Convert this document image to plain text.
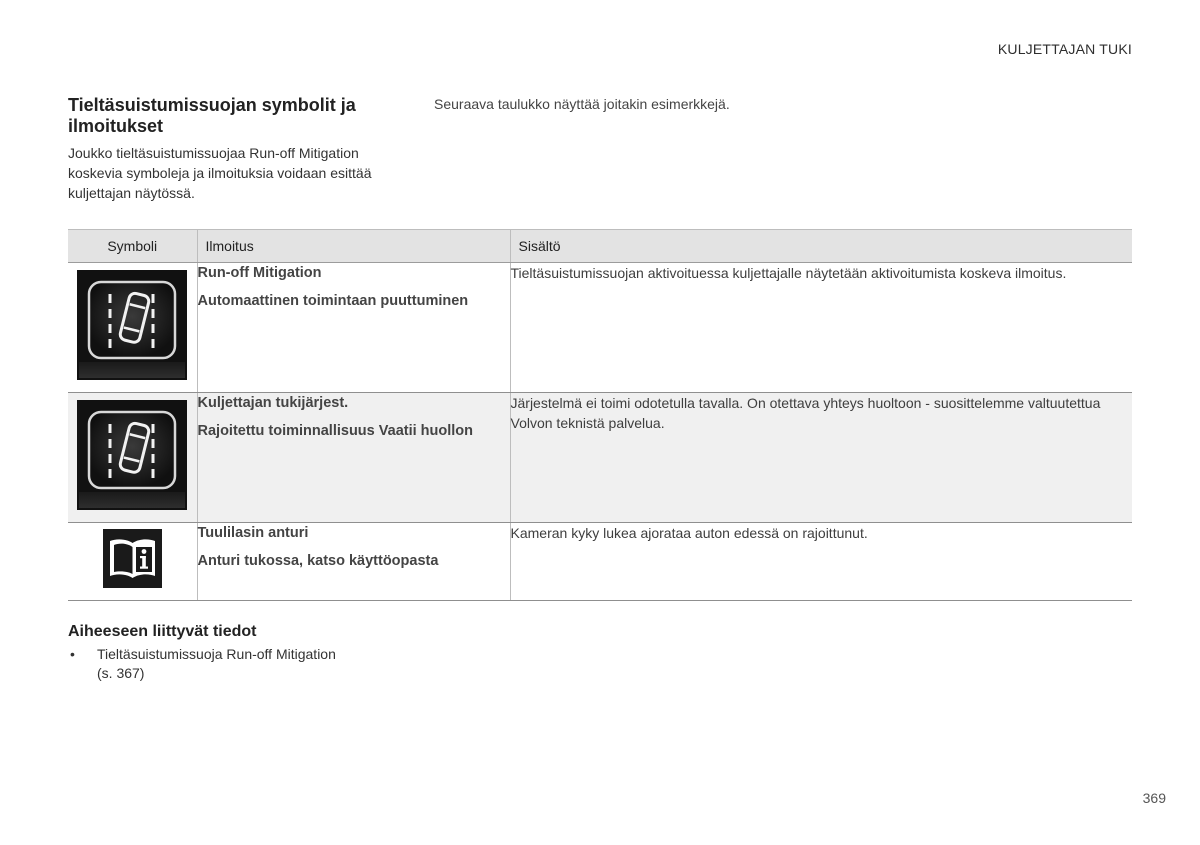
KULJETTAJAN TUKI
Tieltäsuistumissuojan symbolit ja ilmoitukset

Joukko tieltäsuistumissuojaa Run-off Mitigation koskevia symboleja ja ilmoituksia voidaan esittää kuljettajan näytössä.

Seuraava taulukko näyttää joitakin esimerkkejä.
Symboli	Ilmoitus	Sisältö

Run-off Mitigation
Automaattinen toimintaan puuttuminen	Tieltäsuistumissuojan aktivoituessa kuljettajalle näytetään aktivoitumista koskeva ilmoitus.

Kuljettajan tukijärjest.
Rajoitettu toiminnallisuus Vaatii huollon	Järjestelmä ei toimi odotetulla tavalla. On otettava yhteys huoltoon - suosittelemme valtuutettua Volvon teknistä palvelua.

Tuulilasin anturi
Anturi tukossa, katso käyttöopasta	Kameran kyky lukea ajorataa auton edessä on rajoittunut.
Aiheeseen liittyvät tiedot
• Tieltäsuistumissuoja Run-off Mitigation
(s. 367)
369
